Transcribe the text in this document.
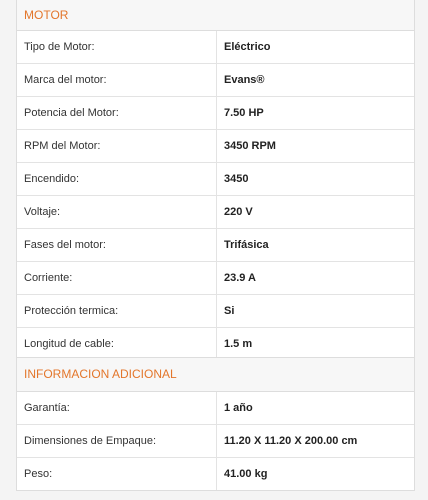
MOTOR
Tipo de Motor:	Eléctrico
Marca del motor:	Evans®
Potencia del Motor:	7.50 HP
RPM del Motor:	3450 RPM
Encendido:	3450
Voltaje:	220 V
Fases del motor:	Trifásica
Corriente:	23.9 A
Protección termica:	Si
Longitud de cable:	1.5 m
INFORMACION ADICIONAL
Garantía:	1 año
Dimensiones de Empaque:	11.20 X 11.20 X 200.00 cm
Peso:	41.00 kg
